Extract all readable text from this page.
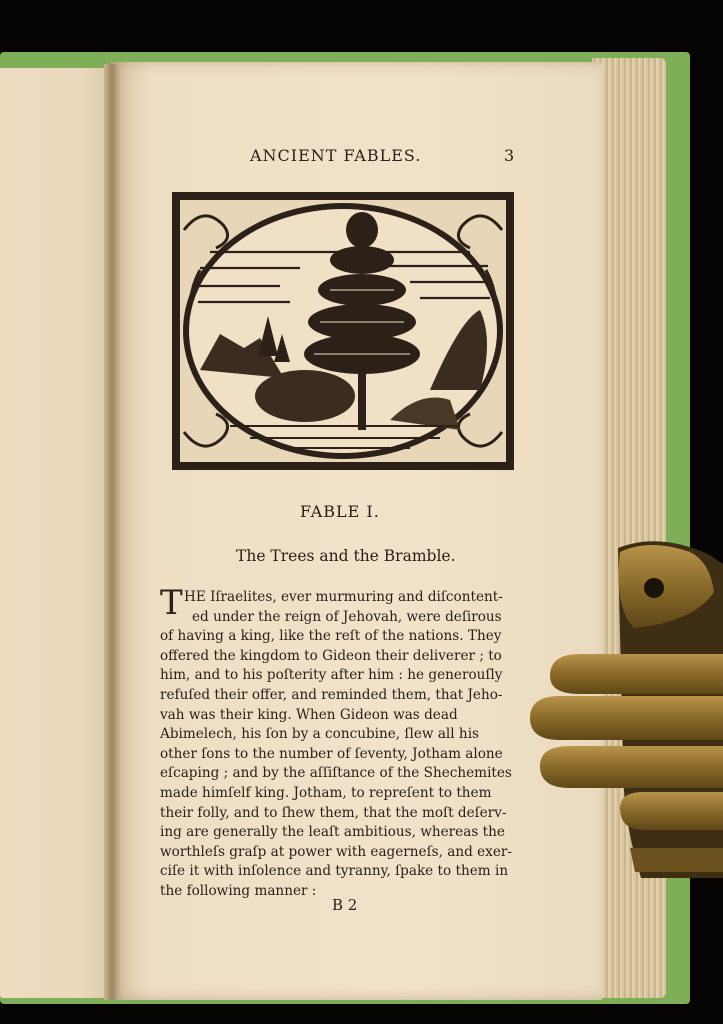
ANCIENT FABLES.	3
FABLE I.
The Trees and the Bramble.
T HE Iſraelites, ever murmuring and diſcontent-
ed under the reign of Jehovah, were deſirous
of having a king, like the reſt of the nations. They
offered the kingdom to Gideon their deliverer ; to
him, and to his poſterity after him : he generouſly
refuſed their offer, and reminded them, that Jeho-
vah was their king. When Gideon was dead
Abimelech, his ſon by a concubine, ſlew all his
other ſons to the number of ſeventy, Jotham alone
eſcaping ; and by the aſſiſtance of the Shechemites
made himſelf king. Jotham, to repreſent to them
their folly, and to ſhew them, that the moſt deſerv-
ing are generally the leaſt ambitious, whereas the
worthleſs graſp at power with eagerneſs, and exer-
ciſe it with inſolence and tyranny, ſpake to them in
the following manner :
B 2
